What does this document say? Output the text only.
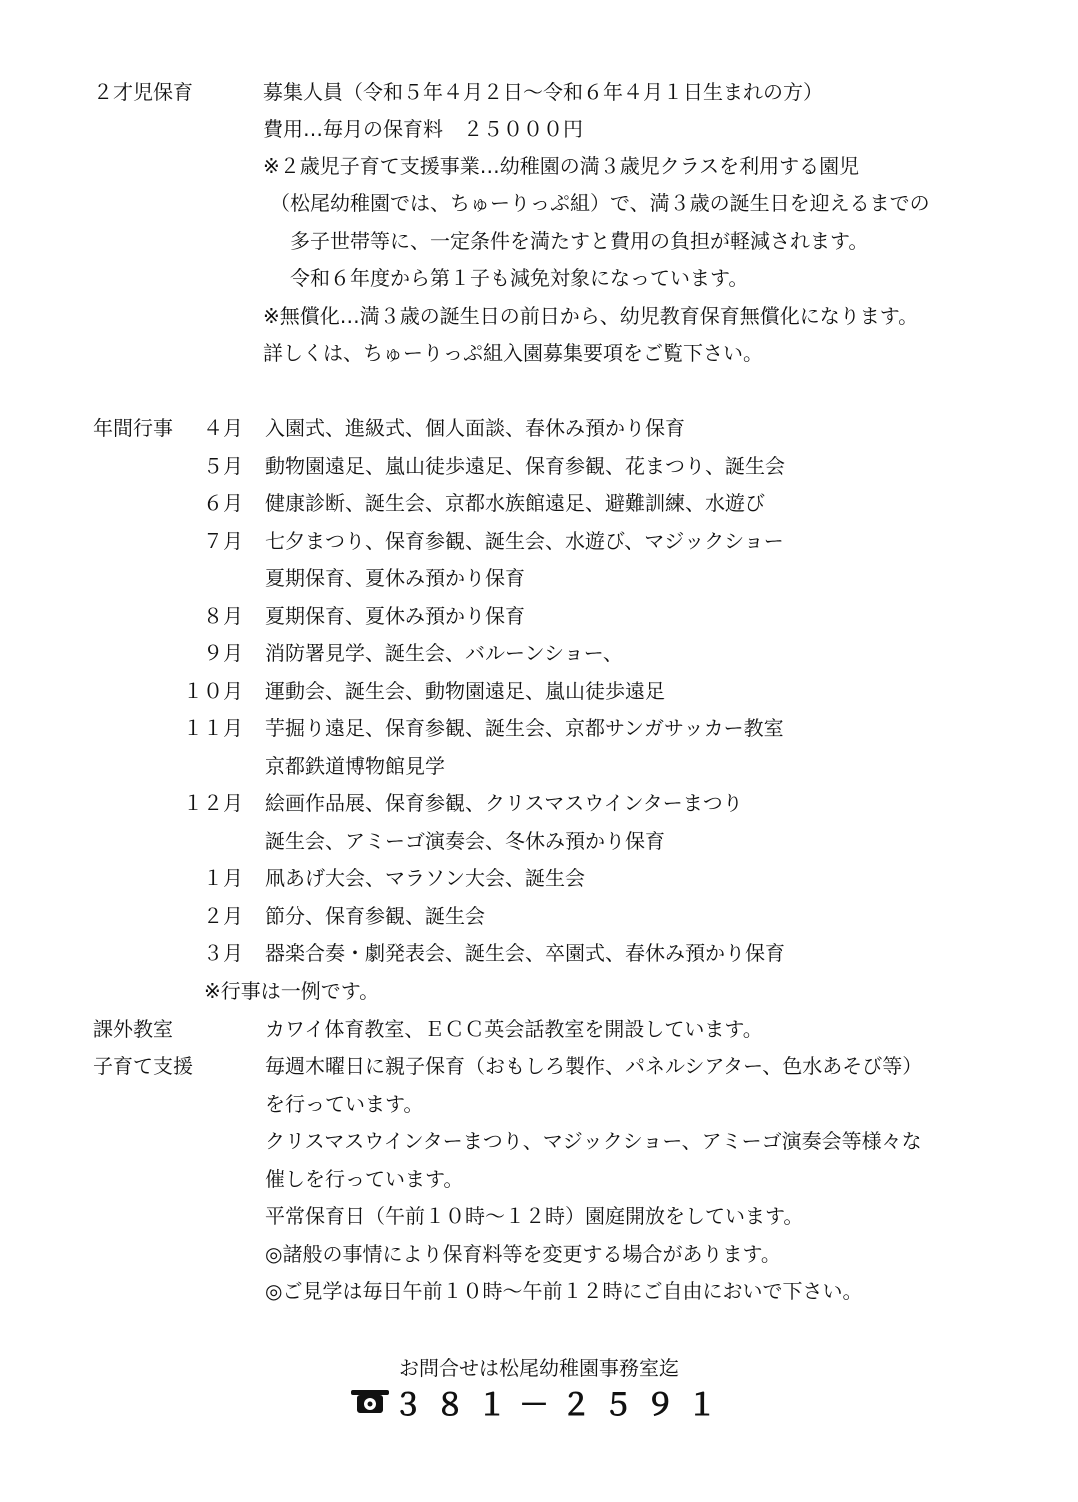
２才児保育	募集人員（令和５年４月２日～令和６年４月１日生まれの方）
費用…毎月の保育料　２５０００円
※２歳児子育て支援事業…幼稚園の満３歳児クラスを利用する園児
（松尾幼稚園では、ちゅーりっぷ組）で、満３歳の誕生日を迎えるまでの
多子世帯等に、一定条件を満たすと費用の負担が軽減されます。
令和６年度から第１子も減免対象になっています。
※無償化…満３歳の誕生日の前日から、幼児教育保育無償化になります。
詳しくは、ちゅーりっぷ組入園募集要項をご覧下さい。
年間行事	４月 入園式、進級式、個人面談、春休み預かり保育
５月 動物園遠足、嵐山徒歩遠足、保育参観、花まつり、誕生会
６月 健康診断、誕生会、京都水族館遠足、避難訓練、水遊び
７月 七夕まつり、保育参観、誕生会、水遊び、マジックショー
夏期保育、夏休み預かり保育
８月 夏期保育、夏休み預かり保育
９月 消防署見学、誕生会、バルーンショー、
１０月 運動会、誕生会、動物園遠足、嵐山徒歩遠足
１１月 芋掘り遠足、保育参観、誕生会、京都サンガサッカー教室
京都鉄道博物館見学
１２月 絵画作品展、保育参観、クリスマスウインターまつり
誕生会、アミーゴ演奏会、冬休み預かり保育
１月 凧あげ大会、マラソン大会、誕生会
２月 節分、保育参観、誕生会
３月 器楽合奏・劇発表会、誕生会、卒園式、春休み預かり保育
※行事は一例です。
課外教室	カワイ体育教室、ＥＣＣ英会話教室を開設しています。
子育て支援	毎週木曜日に親子保育（おもしろ製作、パネルシアター、色水あそび等）
を行っています。
クリスマスウインターまつり、マジックショー、アミーゴ演奏会等様々な
催しを行っています。
平常保育日（午前１０時～１２時）園庭開放をしています。
◎諸般の事情により保育料等を変更する場合があります。
◎ご見学は毎日午前１０時～午前１２時にご自由においで下さい。
お問合せは松尾幼稚園事務室迄
３８１－２５９１
